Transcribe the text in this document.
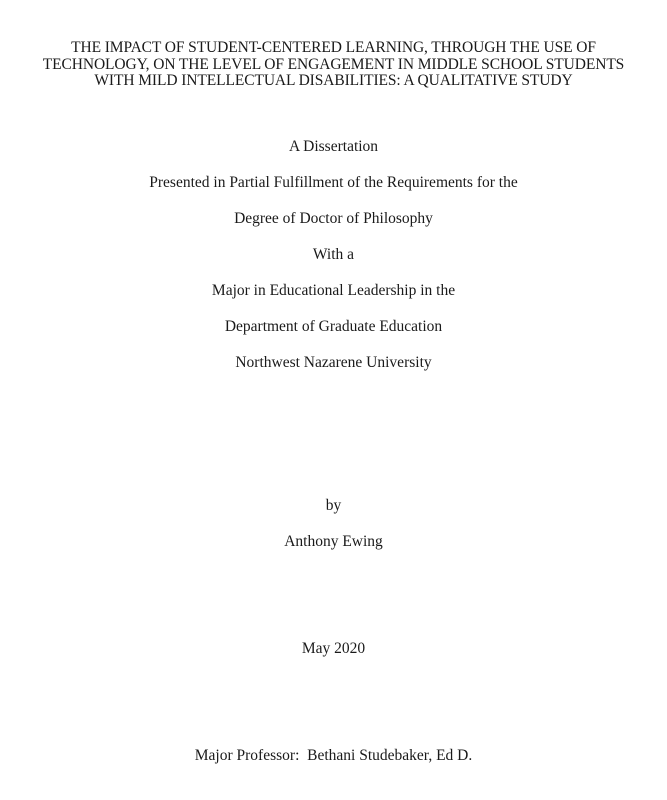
THE IMPACT OF STUDENT-CENTERED LEARNING, THROUGH THE USE OF
TECHNOLOGY, ON THE LEVEL OF ENGAGEMENT IN MIDDLE SCHOOL STUDENTS
WITH MILD INTELLECTUAL DISABILITIES: A QUALITATIVE STUDY
A Dissertation
Presented in Partial Fulfillment of the Requirements for the
Degree of Doctor of Philosophy
With a
Major in Educational Leadership in the
Department of Graduate Education
Northwest Nazarene University
by
Anthony Ewing
May 2020
Major Professor:  Bethani Studebaker, Ed D.
